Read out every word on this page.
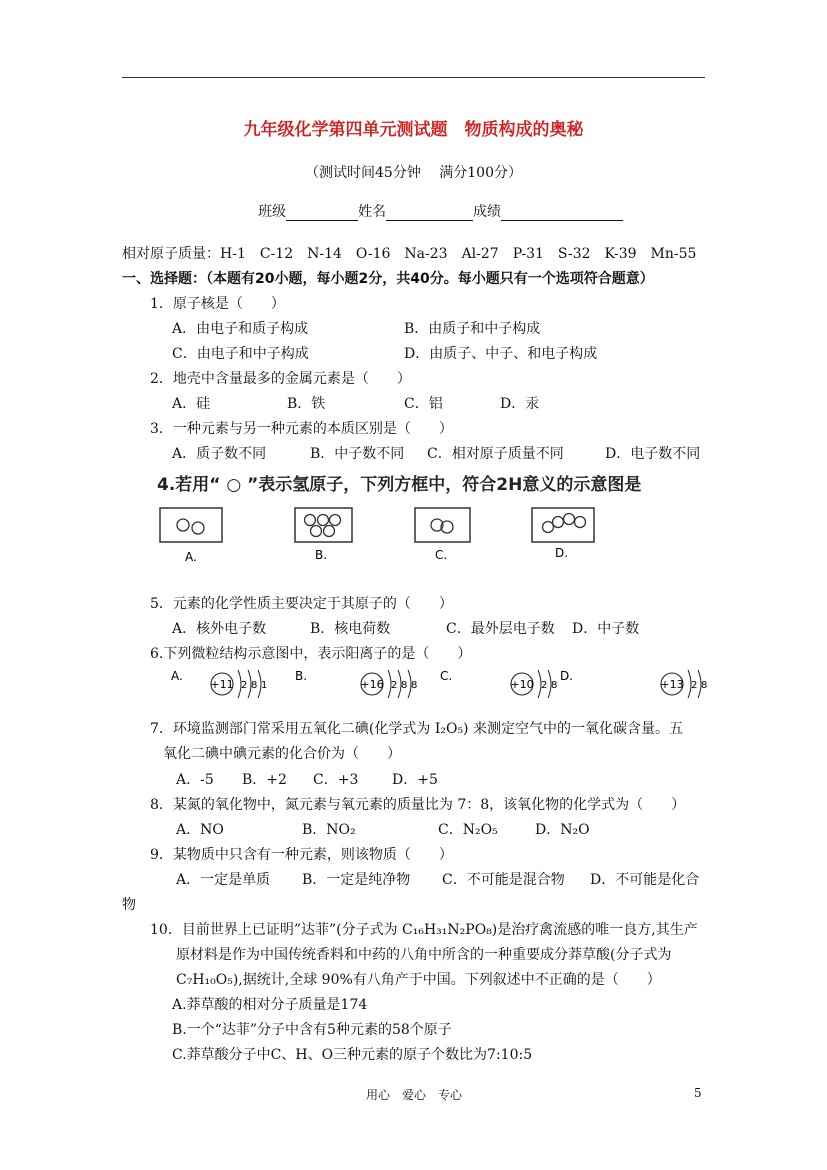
九年级化学第四单元测试题　物质构成的奥秘
（测试时间45分钟　 满分100分）
班级	姓名	成绩
相对原子质量：H-1　C-12　N-14　O-16　Na-23　Al-27　P-31　S-32　K-39　Mn-55
一、选择题：（本题有20小题，每小题2分，共40分。每小题只有一个选项符合题意）
1．原子核是（　　）
A．由电子和质子构成	B．由质子和中子构成
C．由电子和中子构成	D．由质子、中子、和电子构成
2．地壳中含量最多的金属元素是（　　）
A．硅	B．铁	C．铝	D．汞
3．一种元素与另一种元素的本质区别是（　　）
A．质子数不同	B．中子数不同 C．相对原子质量不同	D．电子数不同
4.若用“ ○ ”表示氢原子，下列方框中，符合2H意义的示意图是
A.	B.	C.	D.
5．元素的化学性质主要决定于其原子的（　　）
A．核外电子数	B．核电荷数	C．最外层电子数 D．中子数
6.下列微粒结构示意图中，表示阳离子的是（　　）
A.	B.	C.	D.
+11 2 8 1	+16 2 8 8	+10 2 8	+13 2 8
7．环境监测部门常采用五氧化二碘(化学式为 I₂O₅) 来测定空气中的一氧化碳含量。五
氧化二碘中碘元素的化合价为（　　）
A．-5 B．+2 C．+3 D．+5
8．某氮的氧化物中，氮元素与氧元素的质量比为 7：8，该氧化物的化学式为（　　）
A．NO	B．NO₂	C．N₂O₅	D．N₂O
9．某物质中只含有一种元素，则该物质（　　）
A．一定是单质 B．一定是纯净物 C．不可能是混合物 D．不可能是化合
物
10．目前世界上已证明”达菲”(分子式为 C₁₆H₃₁N₂PO₈)是治疗禽流感的唯一良方,其生产
原材料是作为中国传统香料和中药的八角中所含的一种重要成分莽草酸(分子式为
C₇H₁₀O₅),据统计,全球 90%有八角产于中国。下列叙述中不正确的是（　　）
A.莽草酸的相对分子质量是174
B.一个“达菲”分子中含有5种元素的58个原子
C.莽草酸分子中C、H、O三种元素的原子个数比为7:10:5
用心　爱心　专心	5
